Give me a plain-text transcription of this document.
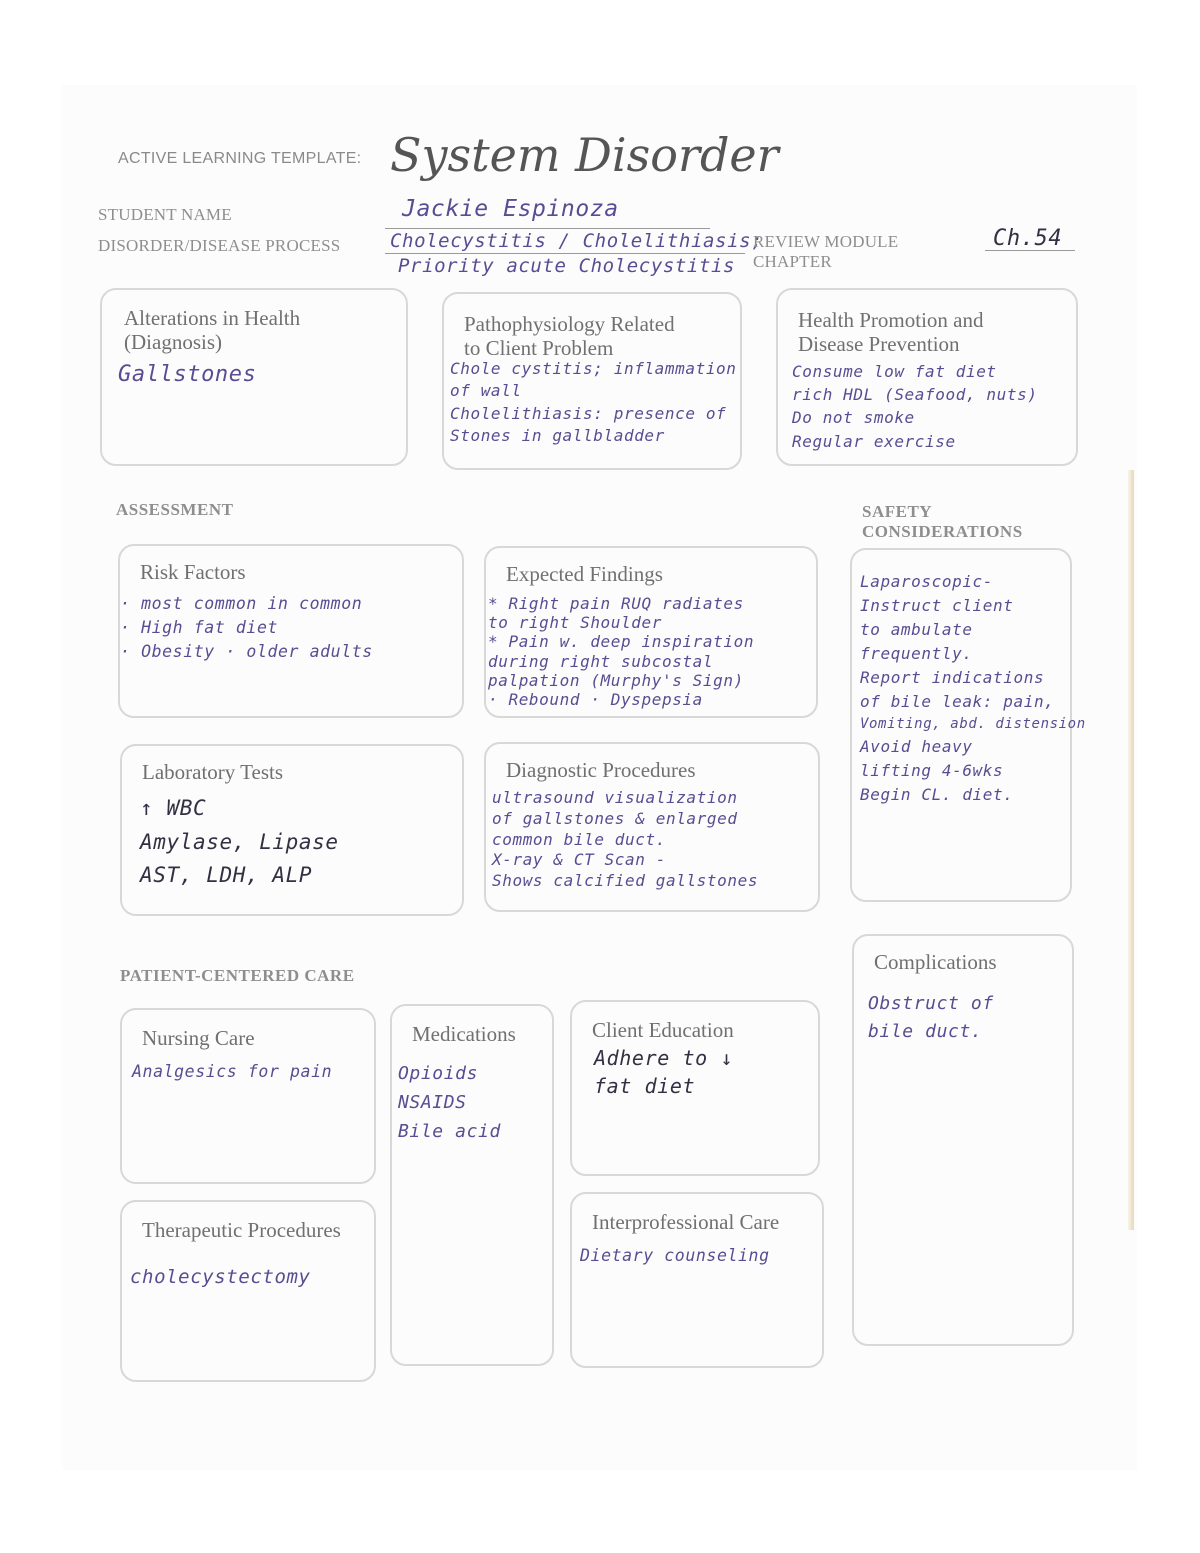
ACTIVE LEARNING TEMPLATE: System Disorder
STUDENT NAME	Jackie Espinoza
DISORDER/DISEASE PROCESS	Cholecystitis / Cholelithiasis;
Priority acute Cholecystitis
REVIEW MODULE
CHAPTER
Ch.54
Alterations in Health
(Diagnosis)
Gallstones
Pathophysiology Related
to Client Problem
Chole cystitis; inflammation
of wall
Cholelithiasis: presence of
Stones in gallbladder
Health Promotion and
Disease Prevention
Consume low fat diet
rich HDL (Seafood, nuts)
Do not smoke
Regular exercise
ASSESSMENT	SAFETY
CONSIDERATIONS
Risk Factors
· most common in common
· High fat diet
· Obesity · older adults
Expected Findings
* Right pain RUQ radiates
to right Shoulder
* Pain w. deep inspiration
during right subcostal
palpation (Murphy's Sign)
· Rebound · Dyspepsia
Laparoscopic-
Instruct client
to ambulate
frequently.
Report indications
of bile leak: pain,
Vomiting, abd. distension
Avoid heavy
lifting 4-6wks
Begin CL. diet.
Laboratory Tests
↑ WBC
Amylase, Lipase
AST, LDH, ALP
Diagnostic Procedures
ultrasound visualization
of gallstones & enlarged
common bile duct.
X-ray & CT Scan -
Shows calcified gallstones
PATIENT-CENTERED CARE
Complications
Obstruct of
bile duct.
Nursing Care
Analgesics for pain
Medications
Opioids
NSAIDS
Bile acid
Client Education
Adhere to ↓
fat diet
Therapeutic Procedures
cholecystectomy
Interprofessional Care
Dietary counseling
